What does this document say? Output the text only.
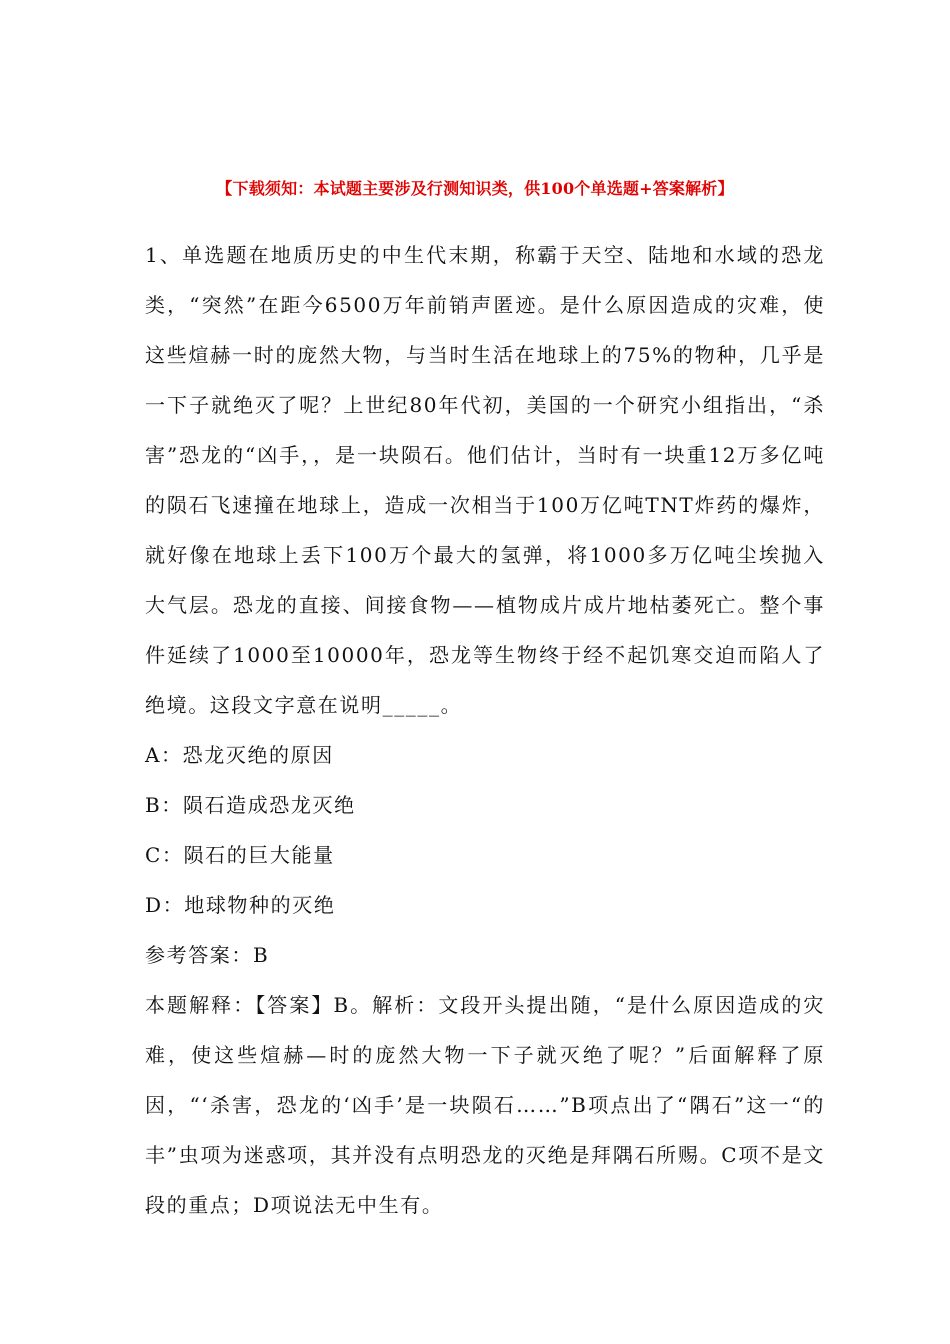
【下载须知：本试题主要涉及行测知识类，供100个单选题+答案解析】

1、单选题在地质历史的中生代末期，称霸于天空、陆地和水域的恐龙类，“突然”在距今6500万年前销声匿迹。是什么原因造成的灾难，使这些煊赫一时的庞然大物，与当时生活在地球上的75%的物种，几乎是一下子就绝灭了呢？上世纪80年代初，美国的一个研究小组指出，“杀害”恐龙的“凶手，，是一块陨石。他们估计，当时有一块重12万多亿吨的陨石飞速撞在地球上，造成一次相当于100万亿吨TNT炸药的爆炸，就好像在地球上丢下100万个最大的氢弹，将1000多万亿吨尘埃抛入大气层。恐龙的直接、间接食物——植物成片成片地枯萎死亡。整个事件延续了1000至10000年，恐龙等生物终于经不起饥寒交迫而陷人了绝境。这段文字意在说明_____。

A：恐龙灭绝的原因

B：陨石造成恐龙灭绝

C：陨石的巨大能量

D：地球物种的灭绝

参考答案：B

本题解释：【答案】B。解析：文段开头提出随，“是什么原因造成的灾难，使这些煊赫—时的庞然大物一下子就灭绝了呢？”后面解释了原因，“‘杀害，恐龙的‘凶手’是一块陨石……”B项点出了“隅石”这一“的丰”虫项为迷惑项，其并没有点明恐龙的灭绝是拜隅石所赐。C项不是文段的重点；D项说法无中生有。
